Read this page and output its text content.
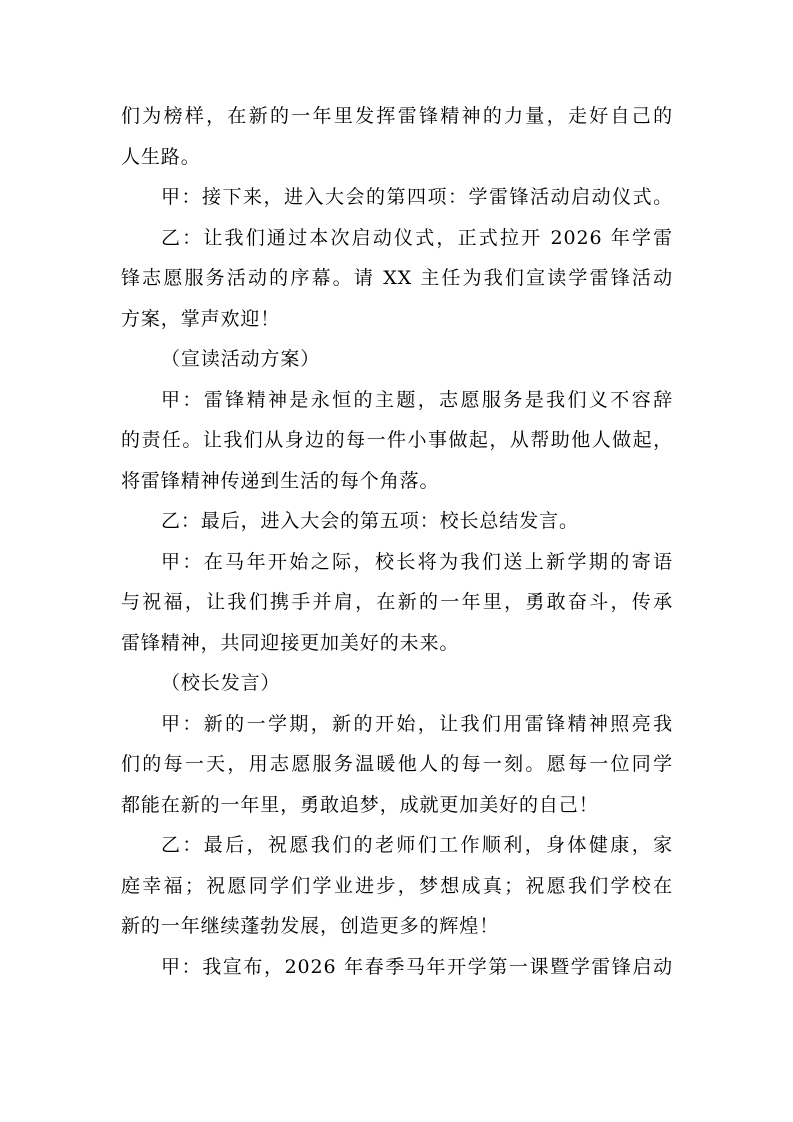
们为榜样，在新的一年里发挥雷锋精神的力量，走好自己的
人生路。
甲：接下来，进入大会的第四项：学雷锋活动启动仪式。
乙：让我们通过本次启动仪式，正式拉开 2026 年学雷
锋志愿服务活动的序幕。请 XX 主任为我们宣读学雷锋活动
方案，掌声欢迎！
（宣读活动方案）
甲：雷锋精神是永恒的主题，志愿服务是我们义不容辞
的责任。让我们从身边的每一件小事做起，从帮助他人做起，
将雷锋精神传递到生活的每个角落。
乙：最后，进入大会的第五项：校长总结发言。
甲：在马年开始之际，校长将为我们送上新学期的寄语
与祝福，让我们携手并肩，在新的一年里，勇敢奋斗，传承
雷锋精神，共同迎接更加美好的未来。
（校长发言）
甲：新的一学期，新的开始，让我们用雷锋精神照亮我
们的每一天，用志愿服务温暖他人的每一刻。愿每一位同学
都能在新的一年里，勇敢追梦，成就更加美好的自己！
乙：最后，祝愿我们的老师们工作顺利，身体健康，家
庭幸福；祝愿同学们学业进步，梦想成真；祝愿我们学校在
新的一年继续蓬勃发展，创造更多的辉煌！
甲：我宣布，2026 年春季马年开学第一课暨学雷锋启动
